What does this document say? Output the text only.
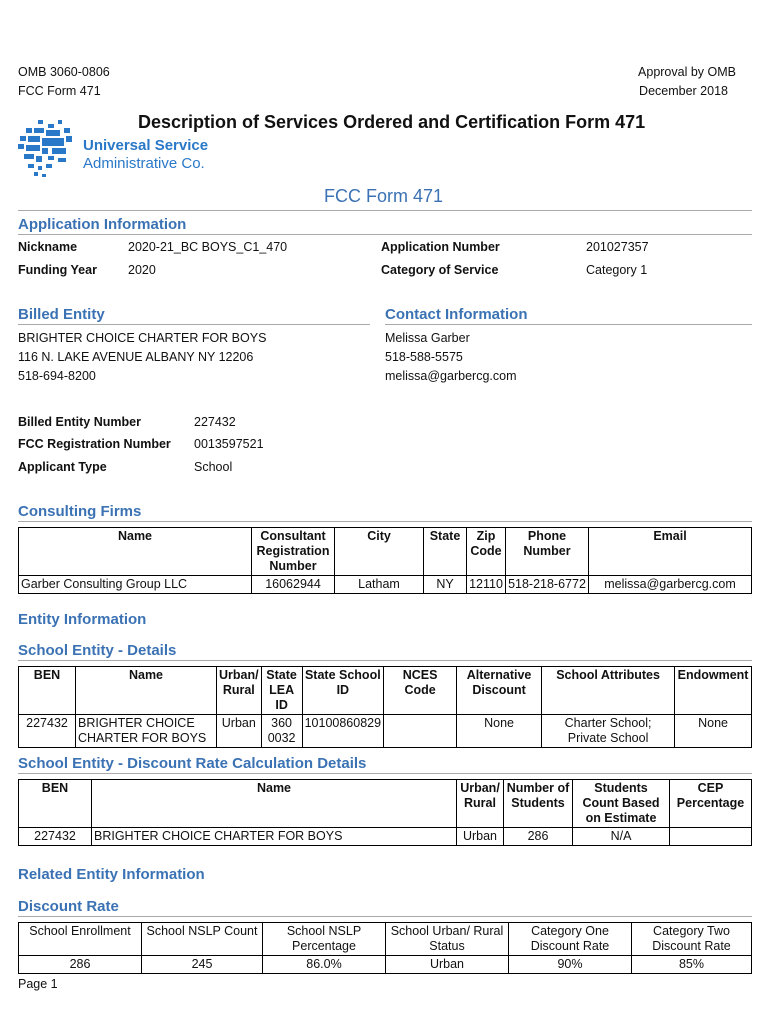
OMB 3060-0806
FCC Form 471
Approval by OMB
December 2018
Universal Service
Administrative Co.
Description of Services Ordered and Certification Form 471
FCC Form 471
Application Information
Nickname	2020-21_BC BOYS_C1_470
Funding Year 2020
Application Number	201027357
Category of Service	Category 1
Billed Entity
BRIGHTER CHOICE CHARTER FOR BOYS
116 N. LAKE AVENUE ALBANY NY 12206
518-694-8200
Contact Information
Melissa Garber
518-588-5575
melissa@garbercg.com
Billed Entity Number	227432
FCC Registration Number 0013597521
Applicant Type	School
Consulting Firms
Name	Consultant Registration Number	City	State	Zip Code	Phone Number	Email
Garber Consulting Group LLC	16062944	Latham	NY	12110	518-218-6772	melissa@garbercg.com
Entity Information
School Entity - Details
BEN	Name	Urban/ Rural	State LEA ID	State School ID	NCES Code	Alternative Discount	School Attributes	Endowment
227432	BRIGHTER CHOICE CHARTER FOR BOYS	Urban	360 0032	10100860829		None	Charter School; Private School	None
School Entity - Discount Rate Calculation Details
BEN	Name	Urban/ Rural	Number of Students	Students Count Based on Estimate	CEP Percentage
227432	BRIGHTER CHOICE CHARTER FOR BOYS	Urban	286	N/A	
Related Entity Information
Discount Rate
School Enrollment	School NSLP Count	School NSLP Percentage	School Urban/ Rural Status	Category One Discount Rate	Category Two Discount Rate
286	245	86.0%	Urban	90%	85%
Page 1
